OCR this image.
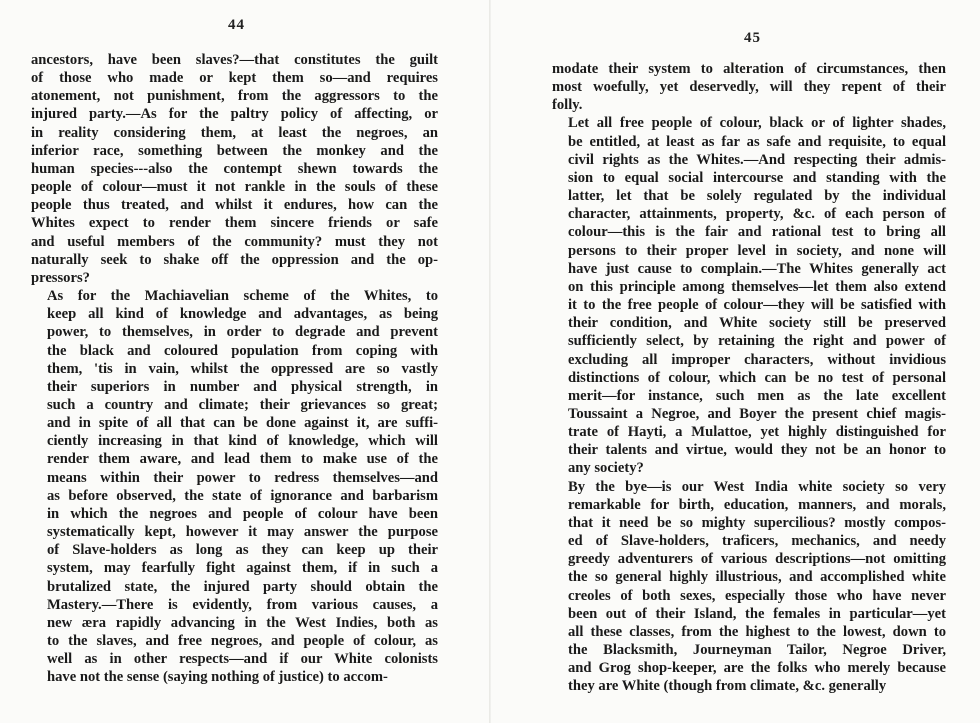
44

ancestors, have been slaves?—that constitutes the guilt
of those who made or kept them so—and requires
atonement, not punishment, from the aggressors to the
injured party.—As for the paltry policy of affecting, or
in reality considering them, at least the negroes, an
inferior race, something between the monkey and the
human species---also the contempt shewn towards the
people of colour—must it not rankle in the souls of these
people thus treated, and whilst it endures, how can the
Whites expect to render them sincere friends or safe
and useful members of the community? must they not
naturally seek to shake off the oppression and the op-
pressors?

As for the Machiavelian scheme of the Whites, to
keep all kind of knowledge and advantages, as being
power, to themselves, in order to degrade and prevent
the black and coloured population from coping with
them, 'tis in vain, whilst the oppressed are so vastly
their superiors in number and physical strength, in
such a country and climate; their grievances so great;
and in spite of all that can be done against it, are suffi-
ciently increasing in that kind of knowledge, which will
render them aware, and lead them to make use of the
means within their power to redress themselves—and
as before observed, the state of ignorance and barbarism
in which the negroes and people of colour have been
systematically kept, however it may answer the purpose
of Slave-holders as long as they can keep up their
system, may fearfully fight against them, if in such a
brutalized state, the injured party should obtain the
Mastery.—There is evidently, from various causes, a
new æra rapidly advancing in the West Indies, both as
to the slaves, and free negroes, and people of colour, as
well as in other respects—and if our White colonists
have not the sense (saying nothing of justice) to accom-

45

modate their system to alteration of circumstances, then
most woefully, yet deservedly, will they repent of their
folly.

Let all free people of colour, black or of lighter shades,
be entitled, at least as far as safe and requisite, to equal
civil rights as the Whites.—And respecting their admis-
sion to equal social intercourse and standing with the
latter, let that be solely regulated by the individual
character, attainments, property, &c. of each person of
colour—this is the fair and rational test to bring all
persons to their proper level in society, and none will
have just cause to complain.—The Whites generally act
on this principle among themselves—let them also extend
it to the free people of colour—they will be satisfied with
their condition, and White society still be preserved
sufficiently select, by retaining the right and power of
excluding all improper characters, without invidious
distinctions of colour, which can be no test of personal
merit—for instance, such men as the late excellent
Toussaint a Negroe, and Boyer the present chief magis-
trate of Hayti, a Mulattoe, yet highly distinguished for
their talents and virtue, would they not be an honor to
any society?

By the bye—is our West India white society so very
remarkable for birth, education, manners, and morals,
that it need be so mighty supercilious? mostly compos-
ed of Slave-holders, traficers, mechanics, and needy
greedy adventurers of various descriptions—not omitting
the so general highly illustrious, and accomplished white
creoles of both sexes, especially those who have never
been out of their Island, the females in particular—yet
all these classes, from the highest to the lowest, down to
the Blacksmith, Journeyman Tailor, Negroe Driver,
and Grog shop-keeper, are the folks who merely because
they are White (though from climate, &c. generally
